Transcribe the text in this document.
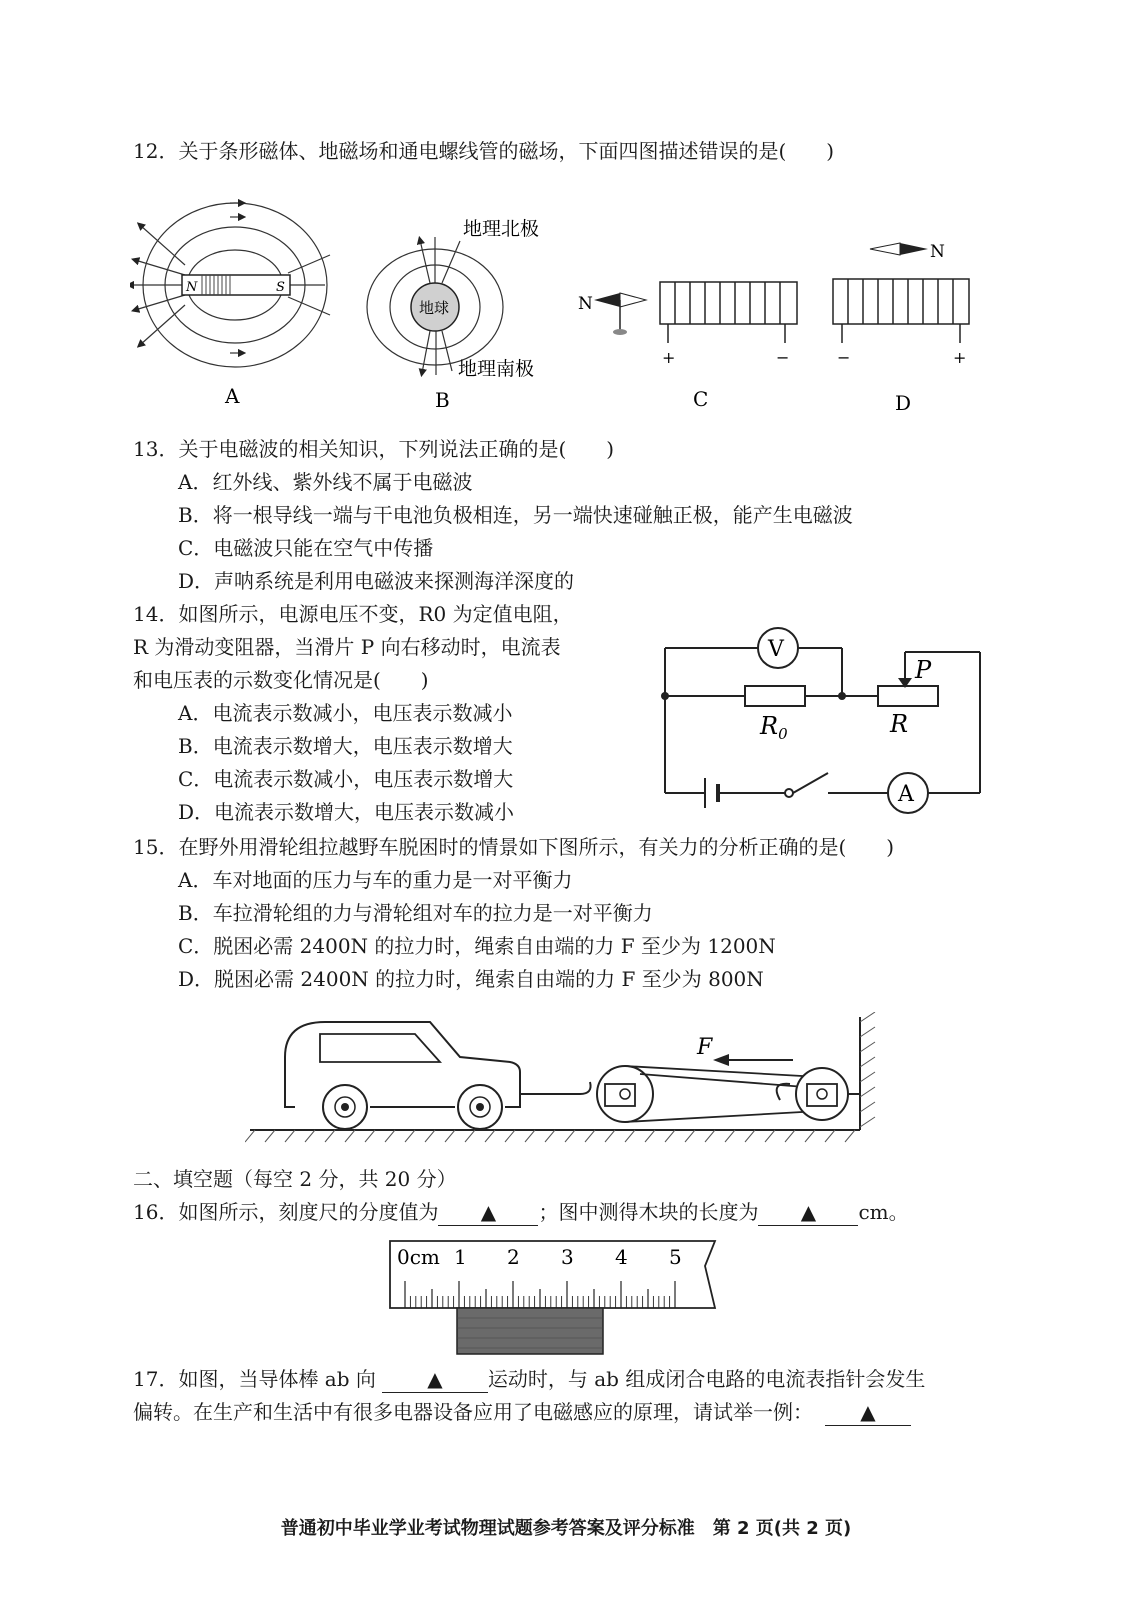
12．关于条形磁体、地磁场和通电螺线管的磁场，下面四图描述错误的是(　　)
N	S
A
地球
地理北极
地理南极
B
N
+	−
C
N
−	+
D
13．关于电磁波的相关知识，下列说法正确的是(　　)
A．红外线、紫外线不属于电磁波
B．将一根导线一端与干电池负极相连，另一端快速碰触正极，能产生电磁波
C．电磁波只能在空气中传播
D．声呐系统是利用电磁波来探测海洋深度的
14．如图所示，电源电压不变，R0 为定值电阻，
R 为滑动变阻器，当滑片 P 向右移动时，电流表
和电压表的示数变化情况是(　　)
A．电流表示数减小，电压表示数减小
B．电流表示数增大，电压表示数增大
C．电流表示数减小，电压表示数增大
D．电流表示数增大，电压表示数减小
V
$R_0$
P
R
A
15．在野外用滑轮组拉越野车脱困时的情景如下图所示，有关力的分析正确的是(　　)
A．车对地面的压力与车的重力是一对平衡力
B．车拉滑轮组的力与滑轮组对车的拉力是一对平衡力
C．脱困必需 2400N 的拉力时，绳索自由端的力 F 至少为 1200N
D．脱困必需 2400N 的拉力时，绳索自由端的力 F 至少为 800N
F
二、填空题（每空 2 分，共 20 分）
16．如图所示，刻度尺的分度值为 ▲ ；图中测得木块的长度为 ▲ cm。
0cm 1 2 3 4 5
17．如图，当导体棒 ab 向	▲ 运动时，与 ab 组成闭合电路的电流表指针会发生
偏转。在生产和生活中有很多电器设备应用了电磁感应的原理，请试举一例： ▲
普通初中毕业学业考试物理试题参考答案及评分标准　第 2 页(共 2 页)
